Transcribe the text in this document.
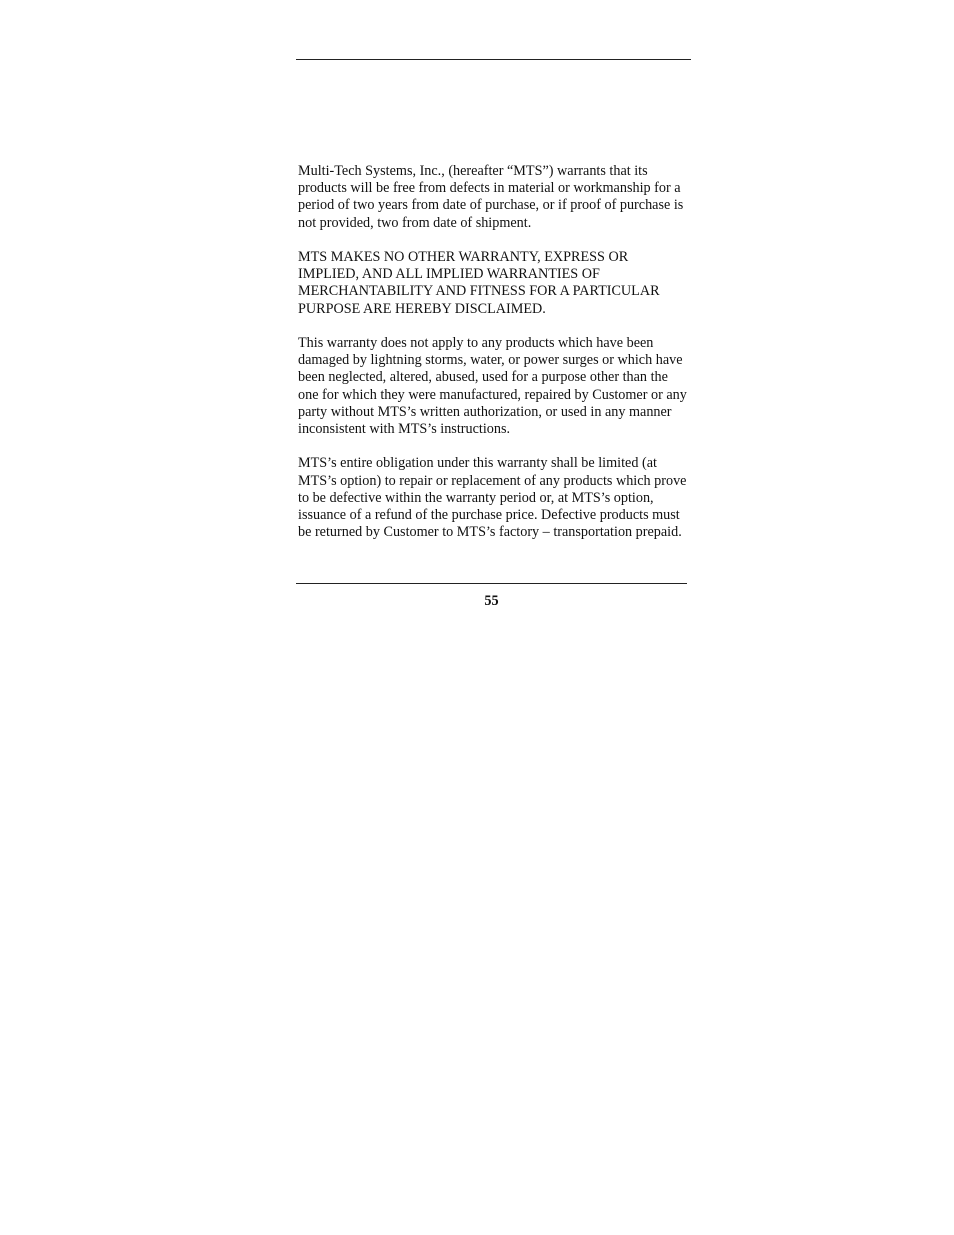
Multi-Tech Systems, Inc., (hereafter “MTS”) warrants that its products will be free from defects in material or workmanship for a period of two years from date of purchase, or if proof of purchase is not provided, two from date of shipment.

MTS MAKES NO OTHER WARRANTY, EXPRESS OR IMPLIED, AND ALL IMPLIED WARRANTIES OF MERCHANTABILITY AND FITNESS FOR A PARTICULAR PURPOSE ARE HEREBY DISCLAIMED.

This warranty does not apply to any products which have been damaged by lightning storms, water, or power surges or which have been neglected, altered, abused, used for a purpose other than the one for which they were manufactured, repaired by Customer or any party without MTS’s written authorization, or used in any manner inconsistent with MTS’s instructions.

MTS’s entire obligation under this warranty shall be limited (at MTS’s option) to repair or replacement of any products which prove to be defective within the warranty period or, at MTS’s option, issuance of a refund of the purchase price. Defective products must be returned by Customer to MTS’s factory – transportation prepaid.

55
